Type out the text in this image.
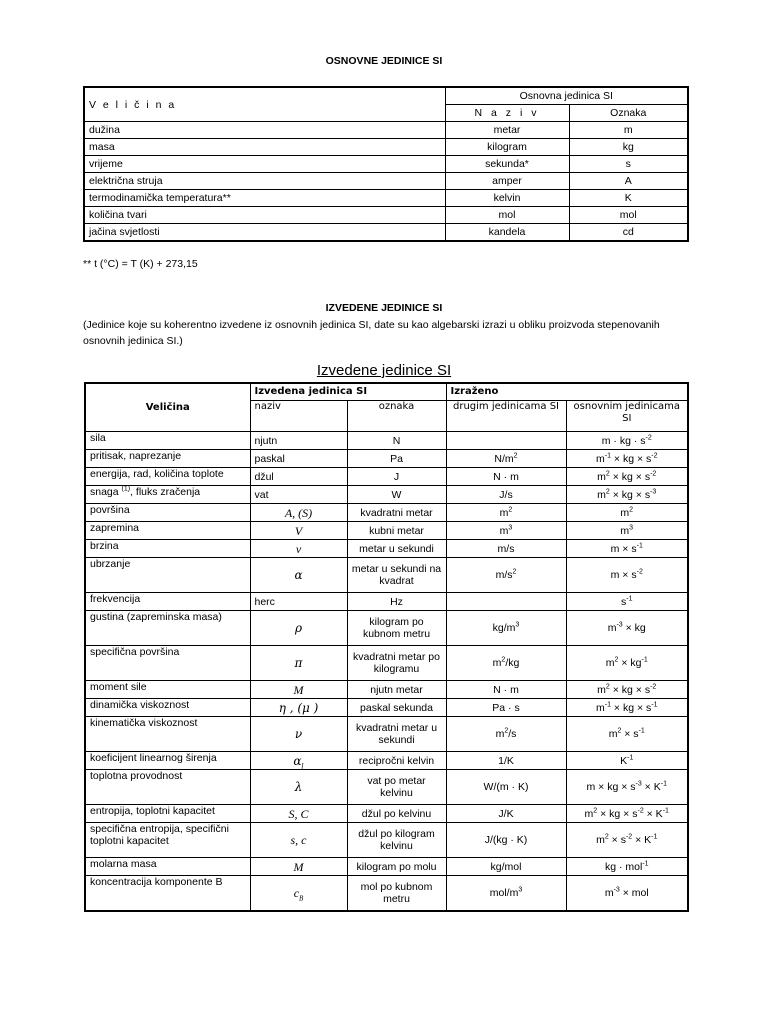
OSNOVNE JEDINICE SI
V e l i č i n a	Osnovna jedinica SI	
	N a z i v	Oznaka
dužina	metar	m
masa	kilogram	kg
vrijeme	sekunda*	s
električna struja	amper	A
termodinamička temperatura**	kelvin	K
količina tvari	mol	mol
jačina svjetlosti	kandela	cd
** t (°C) = T (K) + 273,15
IZVEDENE JEDINICE SI
(Jedinice koje su koherentno izvedene iz osnovnih jedinica SI, date su kao algebarski izrazi u obliku proizvoda stepenovanih osnovnih jedinica SI.)
Izvedene jedinice SI
Veličina	Izvedena jedinica SI		Izraženo	
	naziv	oznaka	drugim jedinicama SI	osnovnim jedinicama SI
sila	njutn	N		m · kg · $s^{-2}$
pritisak, naprezanje	paskal	Pa	$N/m^2$	$m^{-1}$ × kg × $s^{-2}$
energija, rad, količina toplote	džul	J	N · m	$m^2$ × kg × $s^{-2}$
snaga $^{(1)}$, fluks zračenja	vat	W	J/s	$m^2$ × kg × $s^{-3}$
površina	A, (S)	kvadratni metar	$m^2$	$m^2$
zapremina	V	kubni metar	$m^3$	$m^3$
brzina	v	metar u sekundi	m/s	$m \times s^{-1}$
ubrzanje	α	metar u sekundi na kvadrat	$m/s^2$	$m \times s^{-2}$
frekvencija	herc	Hz		$s^{-1}$
gustina (zapreminska masa)	ρ	kilogram po kubnom metru	$kg/m^3$	$m^{-3}$ × kg
specifična površina	π	kvadratni metar po kilogramu	$m^2/kg$	$m^2 \times kg^{-1}$
moment sile	M	njutn metar	N · m	$m^2$ × kg × $s^{-2}$
dinamička viskoznost	η , (μ )	paskal sekunda	Pa · s	$m^{-1}$ × kg × $s^{-1}$
kinematička viskoznost	ν	kvadratni metar u sekundi	$m^2/s$	$m^2 \times s^{-1}$
koeficijent linearnog širenja	$\alpha_l$	recipročni kelvin	1/K	$K^{-1}$
toplotna provodnost	λ	vat po metar kelvinu	W/(m · K)	m × kg × $s^{-3} \times K^{-1}$
entropija, toplotni kapacitet	S, C	džul po kelvinu	J/K	$m^2$ × kg × $s^{-2} \times K^{-1}$
specifična entropija, specifični toplotni kapacitet	s, c	džul po kilogram kelvinu	J/(kg · K)	$m^2 \times s^{-2} \times K^{-1}$
molarna masa	M	kilogram po molu	kg/mol	kg · mol$^{-1}$
koncentracija komponente B	$c_B$	mol po kubnom metru	mol/$m^3$	$m^{-3}$ × mol
